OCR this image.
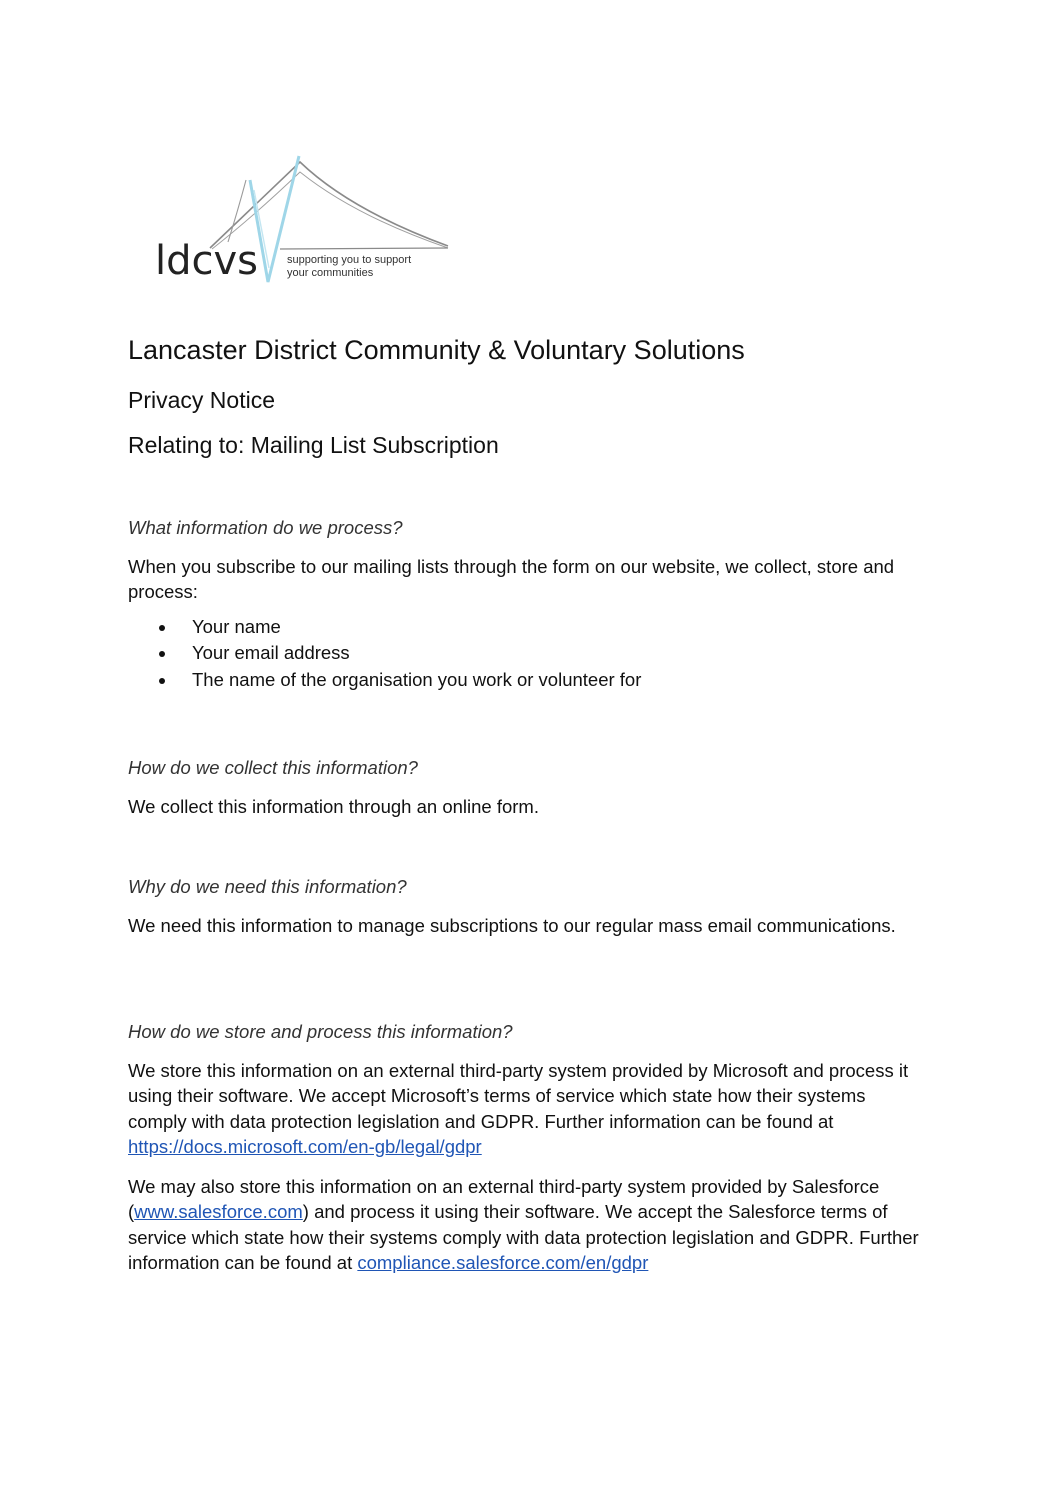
ldcvs	supporting you to support
your communities
Lancaster District Community & Voluntary Solutions
Privacy Notice
Relating to: Mailing List Subscription

What information do we process?

When you subscribe to our mailing lists through the form on our website, we collect, store and process:

Your name
Your email address
The name of the organisation you work or volunteer for

How do we collect this information?

We collect this information through an online form.

Why do we need this information?

We need this information to manage subscriptions to our regular mass email communications.

How do we store and process this information?

We store this information on an external third-party system provided by Microsoft and process it using their software. We accept Microsoft’s terms of service which state how their systems comply with data protection legislation and GDPR. Further information can be found at https://docs.microsoft.com/en-gb/legal/gdpr

We may also store this information on an external third-party system provided by Salesforce (www.salesforce.com) and process it using their software. We accept the Salesforce terms of service which state how their systems comply with data protection legislation and GDPR. Further information can be found at compliance.salesforce.com/en/gdpr
